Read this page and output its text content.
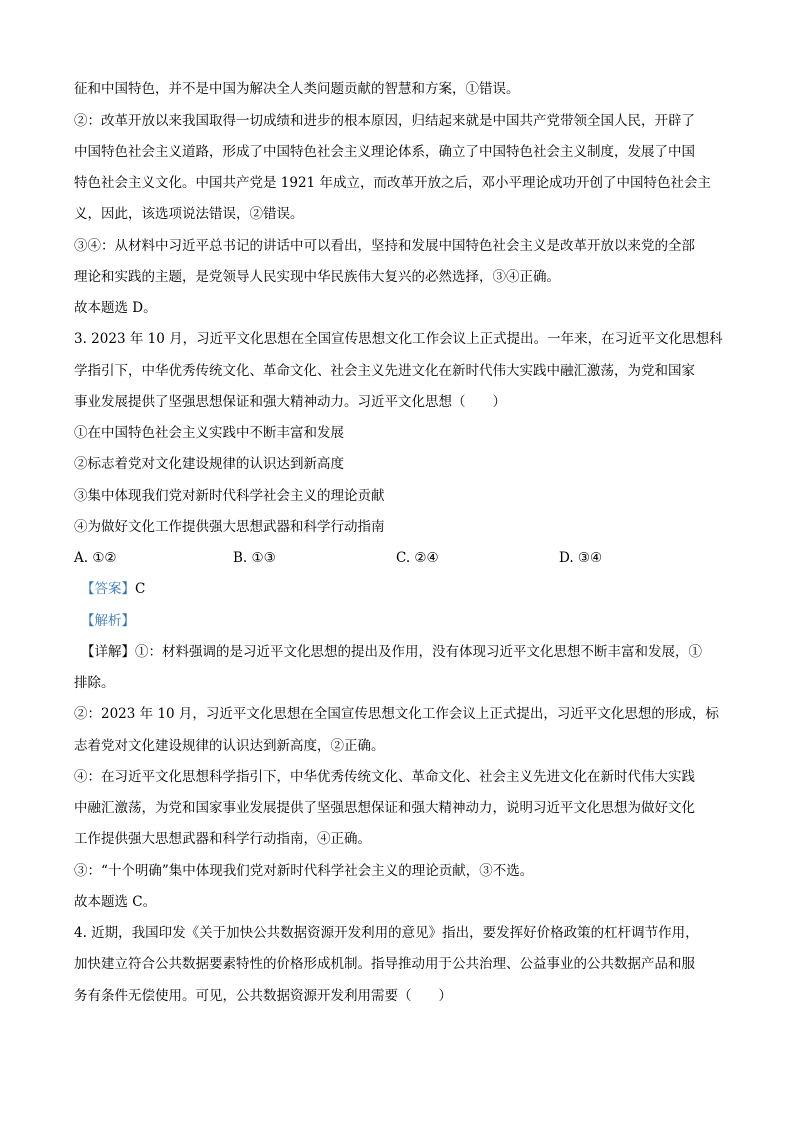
征和中国特色，并不是中国为解决全人类问题贡献的智慧和方案，①错误。

②：改革开放以来我国取得一切成绩和进步的根本原因，归结起来就是中国共产党带领全国人民，开辟了

中国特色社会主义道路，形成了中国特色社会主义理论体系，确立了中国特色社会主义制度，发展了中国

特色社会主义文化。中国共产党是 1921 年成立，而改革开放之后，邓小平理论成功开创了中国特色社会主

义，因此，该选项说法错误，②错误。

③④：从材料中习近平总书记的讲话中可以看出，坚持和发展中国特色社会主义是改革开放以来党的全部

理论和实践的主题，是党领导人民实现中华民族伟大复兴的必然选择，③④正确。

故本题选 D。

3. 2023 年 10 月，习近平文化思想在全国宣传思想文化工作会议上正式提出。一年来，在习近平文化思想科

学指引下，中华优秀传统文化、革命文化、社会主义先进文化在新时代伟大实践中融汇激荡，为党和国家

事业发展提供了坚强思想保证和强大精神动力。习近平文化思想（　　）

①在中国特色社会主义实践中不断丰富和发展

②标志着党对文化建设规律的认识达到新高度

③集中体现我们党对新时代科学社会主义的理论贡献

④为做好文化工作提供强大思想武器和科学行动指南

A. ①②	B. ①③	C. ②④	D. ③④

【答案】C

【解析】

【详解】①：材料强调的是习近平文化思想的提出及作用，没有体现习近平文化思想不断丰富和发展，①

排除。

②：2023 年 10 月，习近平文化思想在全国宣传思想文化工作会议上正式提出，习近平文化思想的形成，标

志着党对文化建设规律的认识达到新高度，②正确。

④：在习近平文化思想科学指引下，中华优秀传统文化、革命文化、社会主义先进文化在新时代伟大实践

中融汇激荡，为党和国家事业发展提供了坚强思想保证和强大精神动力，说明习近平文化思想为做好文化

工作提供强大思想武器和科学行动指南，④正确。

③：“十个明确”集中体现我们党对新时代科学社会主义的理论贡献，③不选。

故本题选 C。

4. 近期，我国印发《关于加快公共数据资源开发利用的意见》指出，要发挥好价格政策的杠杆调节作用，

加快建立符合公共数据要素特性的价格形成机制。指导推动用于公共治理、公益事业的公共数据产品和服

务有条件无偿使用。可见，公共数据资源开发利用需要（　　）
